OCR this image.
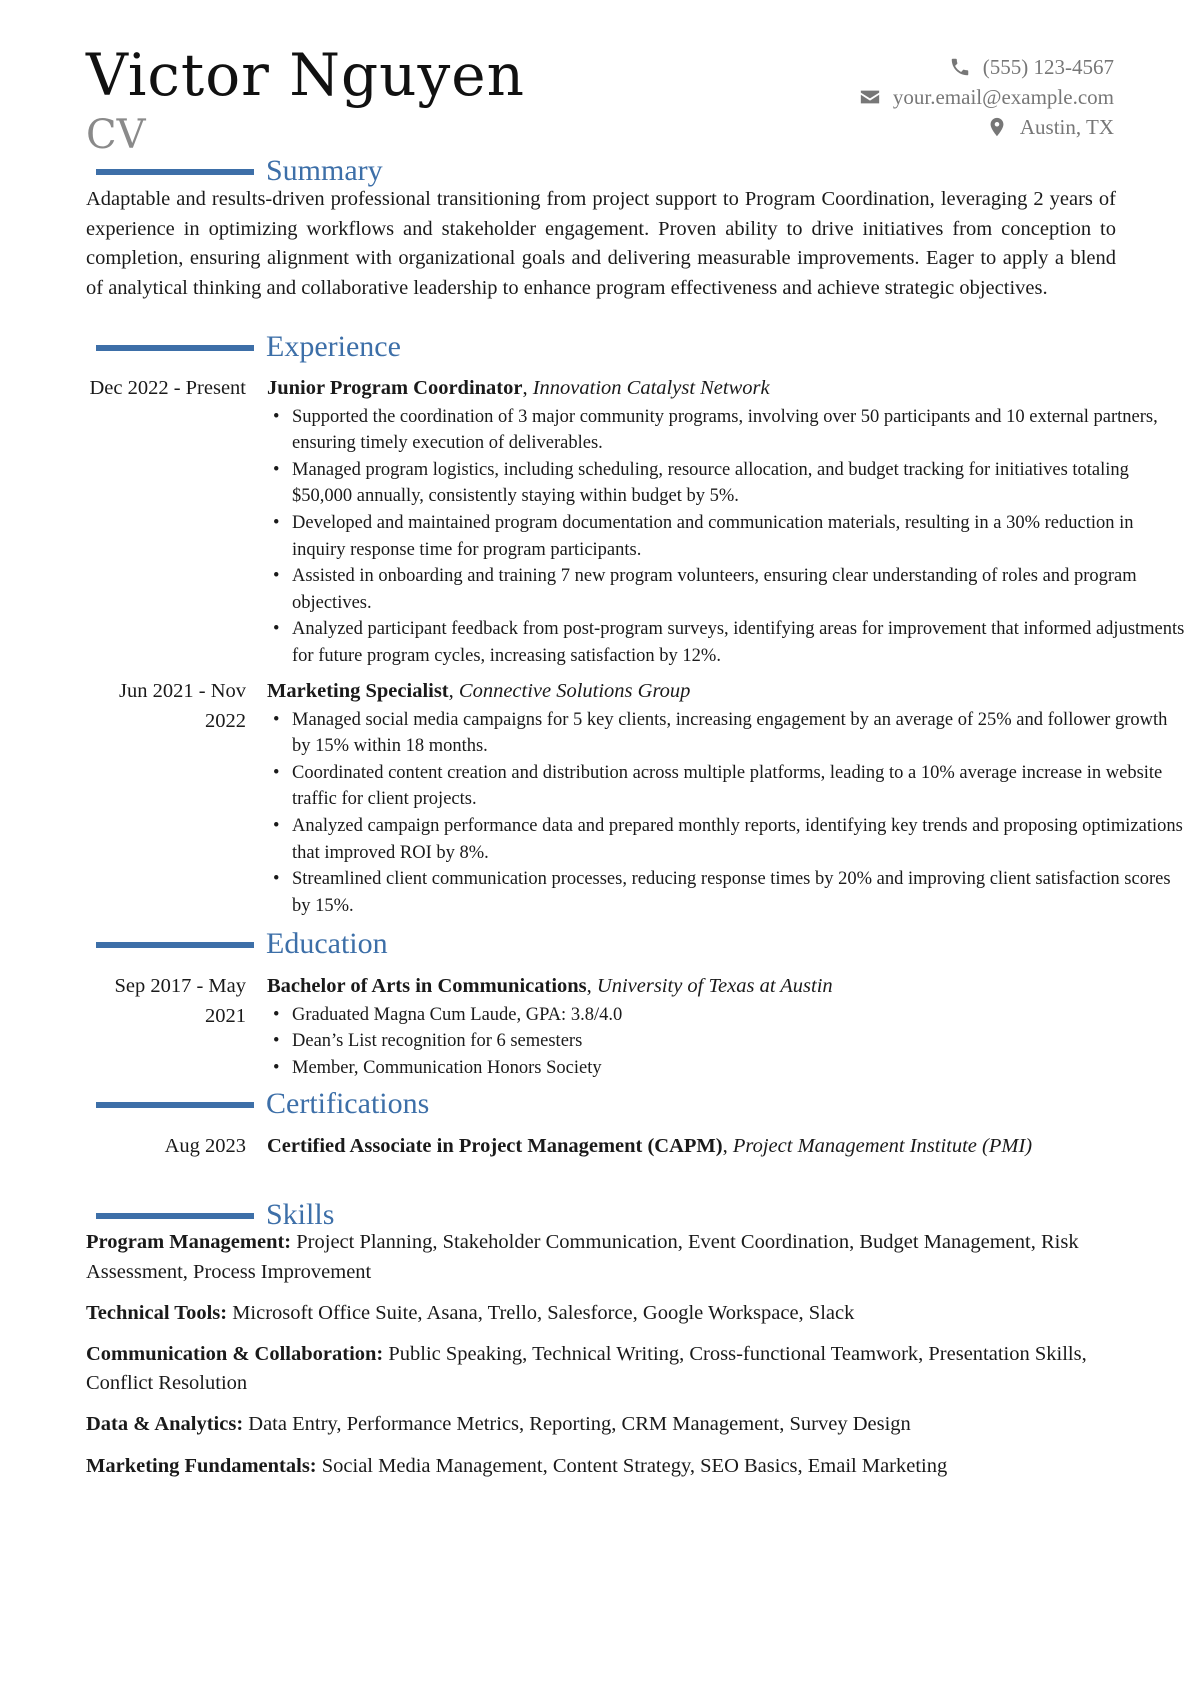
Victor Nguyen
CV
(555) 123-4567
your.email@example.com
Austin, TX
Summary
Adaptable and results-driven professional transitioning from project support to Program Coordination, leveraging 2 years of experience in optimizing workflows and stakeholder engagement. Proven ability to drive initiatives from conception to completion, ensuring alignment with organizational goals and delivering measurable improvements. Eager to apply a blend of analytical thinking and collaborative leadership to enhance program effectiveness and achieve strategic objectives.
Experience
Dec 2022 - Present Junior Program Coordinator, Innovation Catalyst Network
• Supported the coordination of 3 major community programs, involving over 50 participants and 10 external partners, ensuring timely execution of deliverables.
• Managed program logistics, including scheduling, resource allocation, and budget tracking for initiatives totaling $50,000 annually, consistently staying within budget by 5%.
• Developed and maintained program documentation and communication materials, resulting in a 30% reduction in inquiry response time for program participants.
• Assisted in onboarding and training 7 new program volunteers, ensuring clear understanding of roles and program objectives.
• Analyzed participant feedback from post-program surveys, identifying areas for improvement that informed adjustments for future program cycles, increasing satisfaction by 12%.
Jun 2021 - Nov 2022
Marketing Specialist, Connective Solutions Group
• Managed social media campaigns for 5 key clients, increasing engagement by an average of 25% and follower growth by 15% within 18 months.
• Coordinated content creation and distribution across multiple platforms, leading to a 10% average increase in website traffic for client projects.
• Analyzed campaign performance data and prepared monthly reports, identifying key trends and proposing optimizations that improved ROI by 8%.
• Streamlined client communication processes, reducing response times by 20% and improving client satisfaction scores by 15%.
Education
Sep 2017 - May 2021
Bachelor of Arts in Communications, University of Texas at Austin
• Graduated Magna Cum Laude, GPA: 3.8/4.0
• Dean’s List recognition for 6 semesters
• Member, Communication Honors Society
Certifications
Aug 2023 Certified Associate in Project Management (CAPM), Project Management Institute (PMI)
Skills
Program Management: Project Planning, Stakeholder Communication, Event Coordination, Budget Management, Risk Assessment, Process Improvement
Technical Tools: Microsoft Office Suite, Asana, Trello, Salesforce, Google Workspace, Slack
Communication & Collaboration: Public Speaking, Technical Writing, Cross-functional Teamwork, Presentation Skills, Conflict Resolution
Data & Analytics: Data Entry, Performance Metrics, Reporting, CRM Management, Survey Design
Marketing Fundamentals: Social Media Management, Content Strategy, SEO Basics, Email Marketing
